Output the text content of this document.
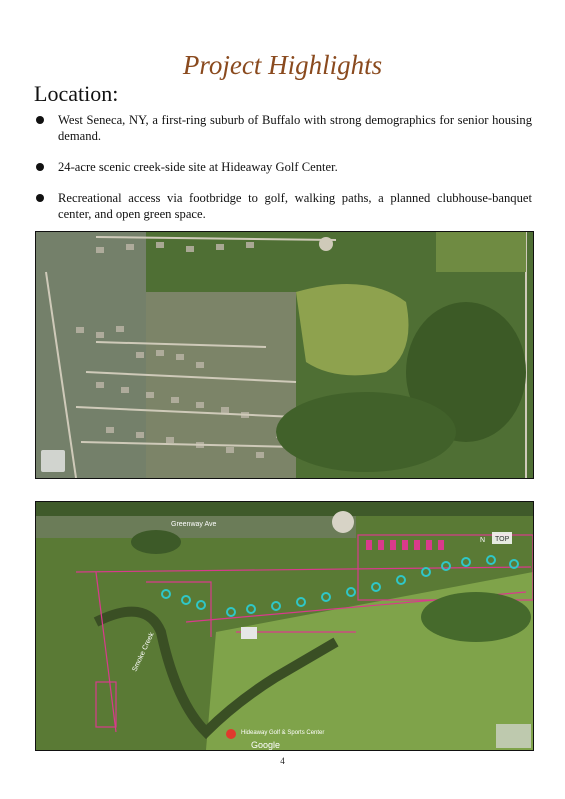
Project Highlights
Location:
West Seneca, NY, a first-ring suburb of Buffalo with strong demographics for senior housing demand.
24-acre scenic creek-side site at Hideaway Golf Center.
Recreational access via footbridge to golf, walking paths, a planned clubhouse-banquet center, and open green space.
Greenway Ave
Smoke Creek
Hideaway Golf & Sports Center
Google
TOP
N
4
